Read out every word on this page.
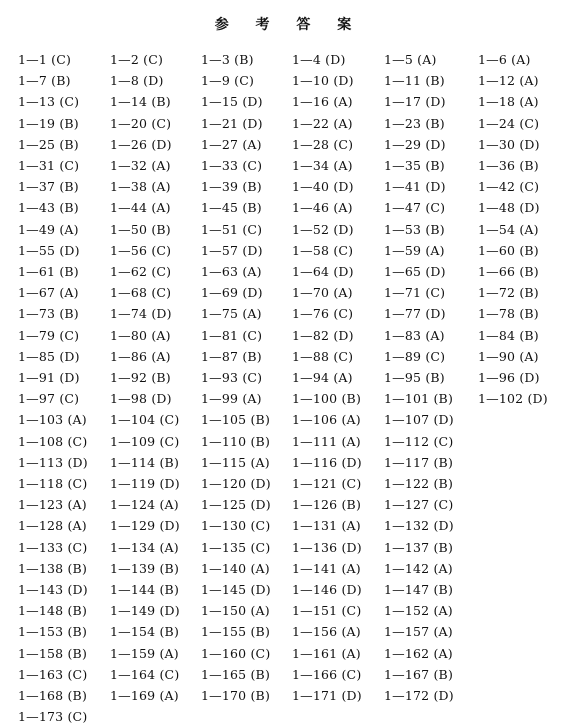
参 考 答 案
1—1 (C)	1—2 (C)	1—3 (B)	1—4 (D)	1—5 (A)	1—6 (A)
1—7 (B)	1—8 (D)	1—9 (C)	1—10 (D) 1—11 (B)	1—12 (A)
1—13 (C) 1—14 (B) 1—15 (D) 1—16 (A)	1—17 (D)	1—18 (A)
1—19 (B) 1—20 (C) 1—21 (D) 1—22 (A)	1—23 (B)	1—24 (C)
1—25 (B) 1—26 (D) 1—27 (A) 1—28 (C) 1—29 (D)	1—30 (D)
1—31 (C) 1—32 (A) 1—33 (C) 1—34 (A)	1—35 (B)	1—36 (B)
1—37 (B) 1—38 (A) 1—39 (B) 1—40 (D) 1—41 (D)	1—42 (C)
1—43 (B) 1—44 (A) 1—45 (B) 1—46 (A)	1—47 (C)	1—48 (D)
1—49 (A)	1—50 (B) 1—51 (C) 1—52 (D) 1—53 (B)	1—54 (A)
1—55 (D) 1—56 (C) 1—57 (D) 1—58 (C) 1—59 (A)	1—60 (B)
1—61 (B) 1—62 (C) 1—63 (A) 1—64 (D) 1—65 (D)	1—66 (B)
1—67 (A)	1—68 (C) 1—69 (D) 1—70 (A)	1—71 (C)	1—72 (B)
1—73 (B) 1—74 (D) 1—75 (A) 1—76 (C) 1—77 (D)	1—78 (B)
1—79 (C) 1—80 (A) 1—81 (C) 1—82 (D) 1—83 (A)	1—84 (B)
1—85 (D) 1—86 (A) 1—87 (B) 1—88 (C) 1—89 (C)	1—90 (A)
1—91 (D) 1—92 (B) 1—93 (C) 1—94 (A)	1—95 (B)	1—96 (D)
1—97 (C) 1—98 (D) 1—99 (A) 1—100 (B) 1—101 (B) 1—102 (D)
1—103 (A) 1—104 (C) 1—105 (B) 1—106 (A) 1—107 (D)
1—108 (C) 1—109 (C) 1—110 (B) 1—111 (A) 1—112 (C)
1—113 (D) 1—114 (B) 1—115 (A) 1—116 (D) 1—117 (B)
1—118 (C) 1—119 (D) 1—120 (D) 1—121 (C) 1—122 (B)
1—123 (A) 1—124 (A) 1—125 (D) 1—126 (B) 1—127 (C)
1—128 (A) 1—129 (D) 1—130 (C) 1—131 (A) 1—132 (D)
1—133 (C) 1—134 (A) 1—135 (C) 1—136 (D) 1—137 (B)
1—138 (B) 1—139 (B) 1—140 (A) 1—141 (A) 1—142 (A)
1—143 (D) 1—144 (B) 1—145 (D) 1—146 (D) 1—147 (B)
1—148 (B) 1—149 (D) 1—150 (A) 1—151 (C) 1—152 (A)
1—153 (B) 1—154 (B) 1—155 (B) 1—156 (A) 1—157 (A)
1—158 (B) 1—159 (A) 1—160 (C) 1—161 (A) 1—162 (A)
1—163 (C) 1—164 (C) 1—165 (B) 1—166 (C) 1—167 (B)
1—168 (B) 1—169 (A) 1—170 (B) 1—171 (D) 1—172 (D)
1—173 (C)
